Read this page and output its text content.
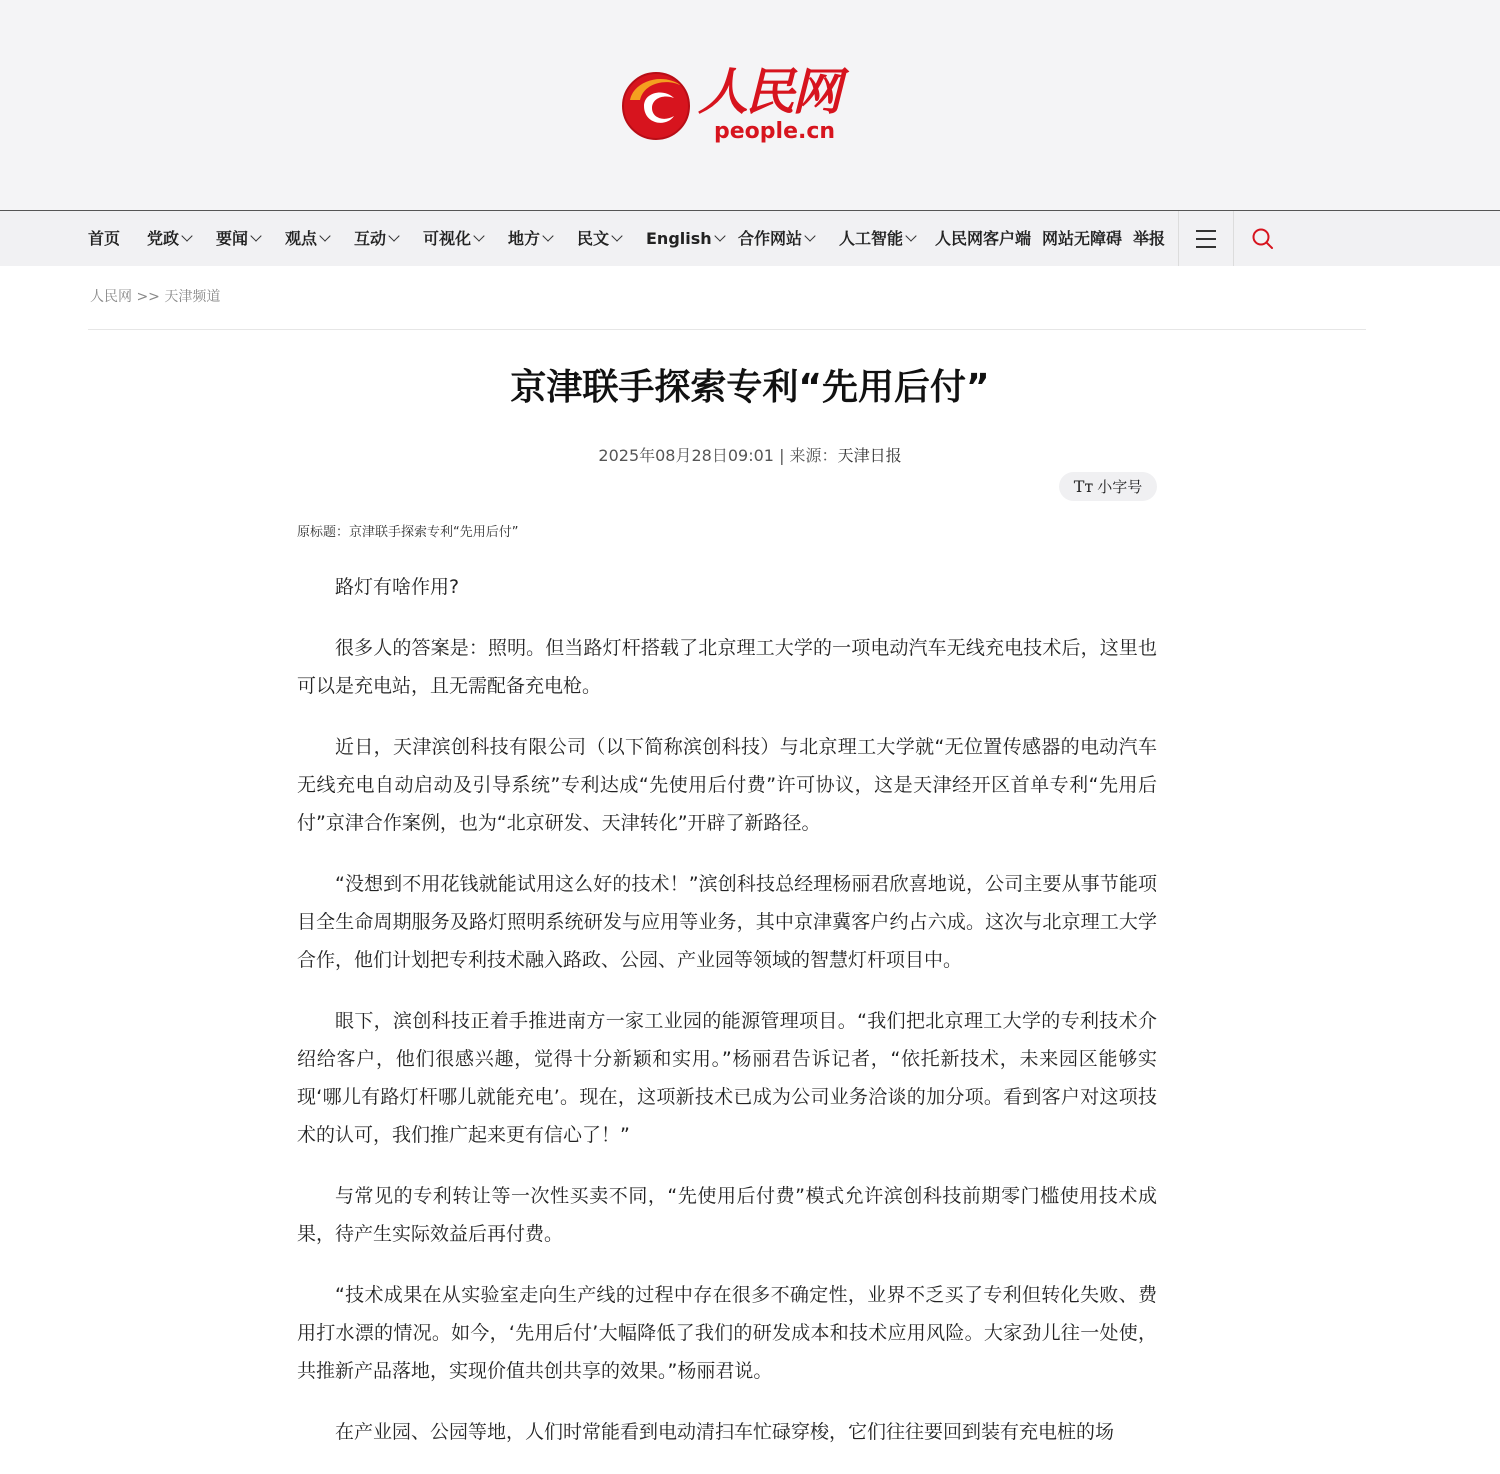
人民网
people.cn
首页 党政	要闻	观点	互动	可视化	地方	民文	English	合作网站	人工智能	人民网客户端 网站无障碍 举报
人民网 >> 天津频道
京津联手探索专利“先用后付”
2025年08月28日09:01 | 来源：天津日报
Tт 小字号
原标题：京津联手探索专利“先用后付”

路灯有啥作用?

很多人的答案是：照明。但当路灯杆搭载了北京理工大学的一项电动汽车无线充电技术后，这里也可以是充电站，且无需配备充电枪。

近日，天津滨创科技有限公司（以下简称滨创科技）与北京理工大学就“无位置传感器的电动汽车无线充电自动启动及引导系统”专利达成“先使用后付费”许可协议，这是天津经开区首单专利“先用后付”京津合作案例，也为“北京研发、天津转化”开辟了新路径。

“没想到不用花钱就能试用这么好的技术！”滨创科技总经理杨丽君欣喜地说，公司主要从事节能项目全生命周期服务及路灯照明系统研发与应用等业务，其中京津冀客户约占六成。这次与北京理工大学合作，他们计划把专利技术融入路政、公园、产业园等领域的智慧灯杆项目中。

眼下，滨创科技正着手推进南方一家工业园的能源管理项目。“我们把北京理工大学的专利技术介绍给客户，他们很感兴趣，觉得十分新颖和实用。”杨丽君告诉记者，“依托新技术，未来园区能够实现‘哪儿有路灯杆哪儿就能充电’。现在，这项新技术已成为公司业务洽谈的加分项。看到客户对这项技术的认可，我们推广起来更有信心了！”

与常见的专利转让等一次性买卖不同，“先使用后付费”模式允许滨创科技前期零门槛使用技术成果，待产生实际效益后再付费。

“技术成果在从实验室走向生产线的过程中存在很多不确定性，业界不乏买了专利但转化失败、费用打水漂的情况。如今，‘先用后付’大幅降低了我们的研发成本和技术应用风险。大家劲儿往一处使，共推新产品落地，实现价值共创共享的效果。”杨丽君说。

在产业园、公园等地，人们时常能看到电动清扫车忙碌穿梭，它们往往要回到装有充电桩的场
